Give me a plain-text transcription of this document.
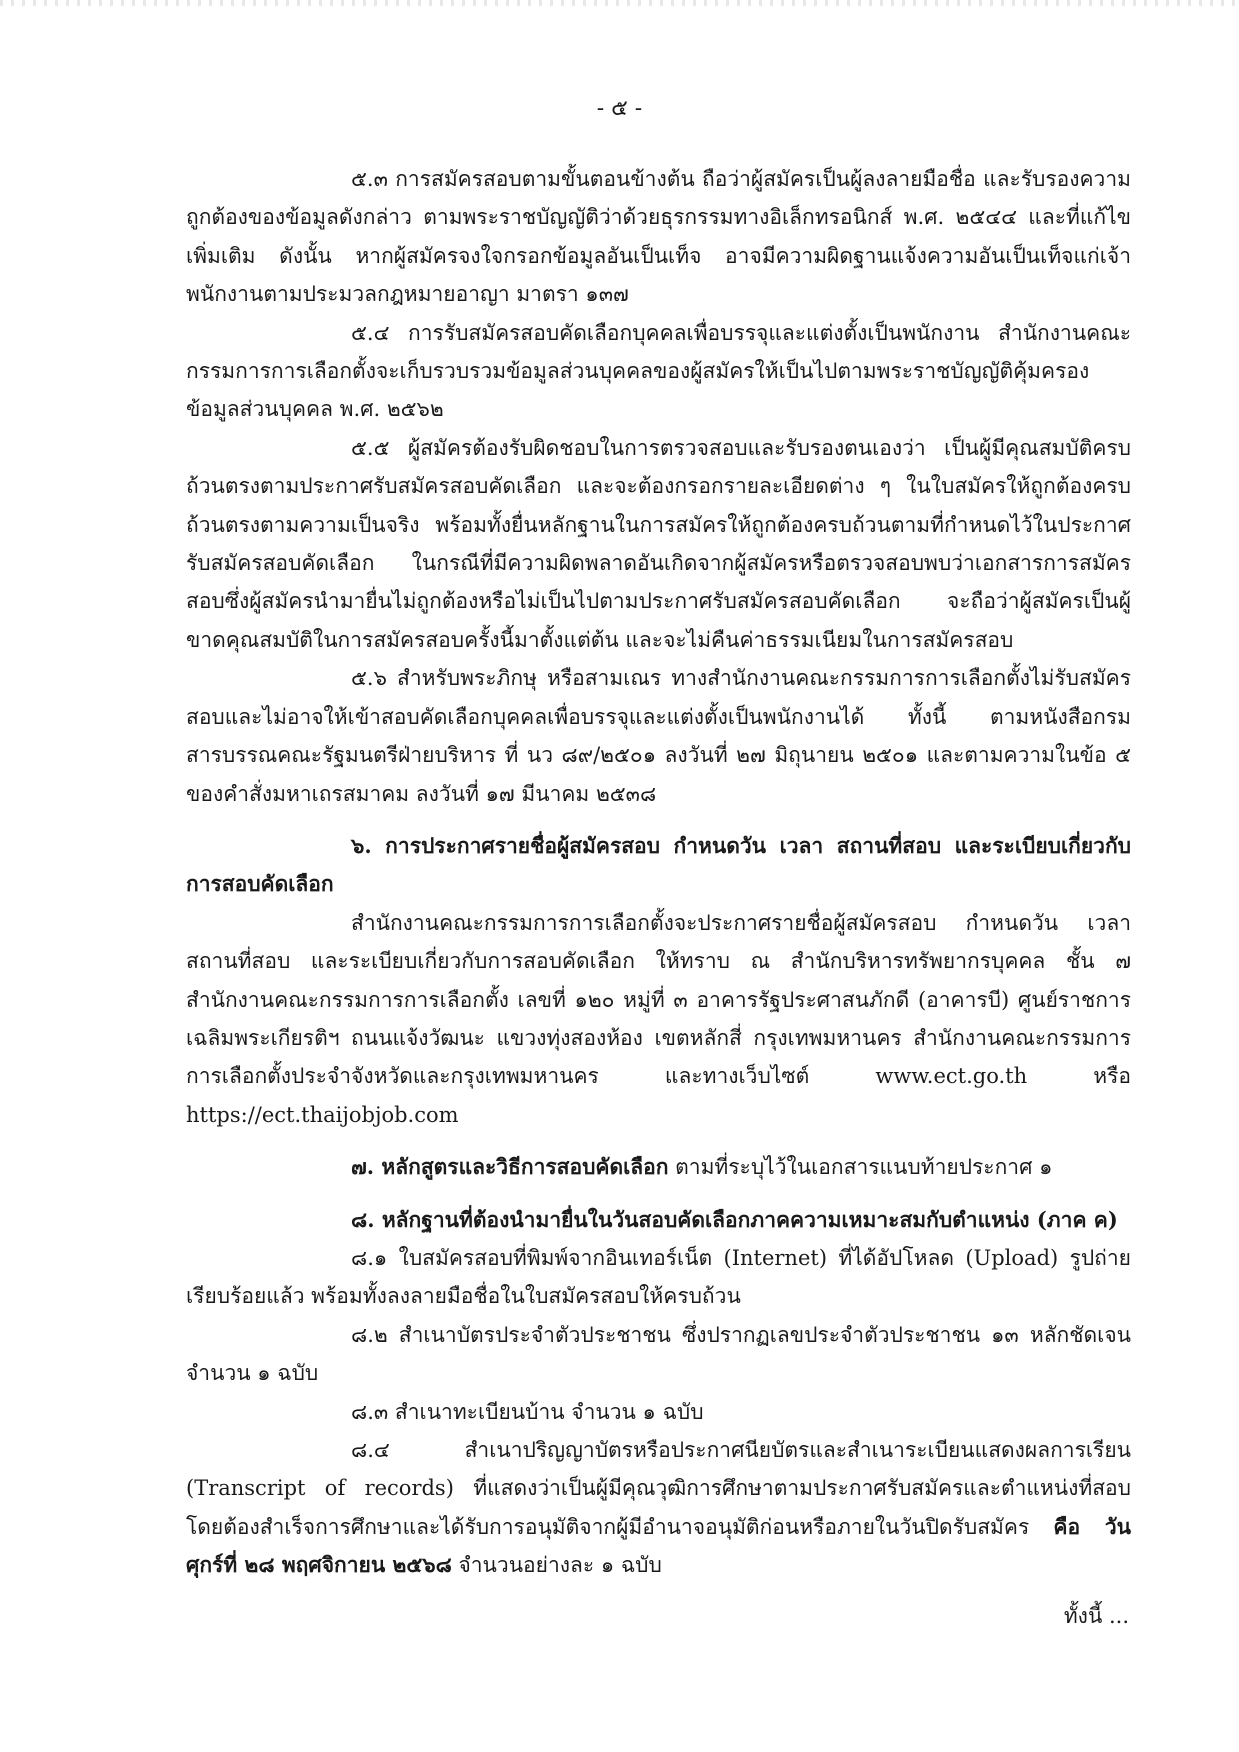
- ๕ -

๕.๓ การสมัครสอบตามขั้นตอนข้างต้น ถือว่าผู้สมัครเป็นผู้ลงลายมือชื่อ และรับรองความถูกต้องของข้อมูลดังกล่าว ตามพระราชบัญญัติว่าด้วยธุรกรรมทางอิเล็กทรอนิกส์ พ.ศ. ๒๕๔๔ และที่แก้ไขเพิ่มเติม ดังนั้น หากผู้สมัครจงใจกรอกข้อมูลอันเป็นเท็จ อาจมีความผิดฐานแจ้งความอันเป็นเท็จแก่เจ้าพนักงานตามประมวลกฎหมายอาญา มาตรา ๑๓๗

๕.๔ การรับสมัครสอบคัดเลือกบุคคลเพื่อบรรจุและแต่งตั้งเป็นพนักงาน สำนักงานคณะกรรมการการเลือกตั้งจะเก็บรวบรวมข้อมูลส่วนบุคคลของผู้สมัครให้เป็นไปตามพระราชบัญญัติคุ้มครองข้อมูลส่วนบุคคล พ.ศ. ๒๕๖๒

๕.๕ ผู้สมัครต้องรับผิดชอบในการตรวจสอบและรับรองตนเองว่า เป็นผู้มีคุณสมบัติครบถ้วนตรงตามประกาศรับสมัครสอบคัดเลือก และจะต้องกรอกรายละเอียดต่าง ๆ ในใบสมัครให้ถูกต้องครบถ้วนตรงตามความเป็นจริง พร้อมทั้งยื่นหลักฐานในการสมัครให้ถูกต้องครบถ้วนตามที่กำหนดไว้ในประกาศรับสมัครสอบคัดเลือก ในกรณีที่มีความผิดพลาดอันเกิดจากผู้สมัครหรือตรวจสอบพบว่าเอกสารการสมัครสอบซึ่งผู้สมัครนำมายื่นไม่ถูกต้องหรือไม่เป็นไปตามประกาศรับสมัครสอบคัดเลือก จะถือว่าผู้สมัครเป็นผู้ขาดคุณสมบัติในการสมัครสอบครั้งนี้มาตั้งแต่ต้น และจะไม่คืนค่าธรรมเนียมในการสมัครสอบ

๕.๖ สำหรับพระภิกษุ หรือสามเณร ทางสำนักงานคณะกรรมการการเลือกตั้งไม่รับสมัครสอบและไม่อาจให้เข้าสอบคัดเลือกบุคคลเพื่อบรรจุและแต่งตั้งเป็นพนักงานได้ ทั้งนี้ ตามหนังสือกรมสารบรรณคณะรัฐมนตรีฝ่ายบริหาร ที่ นว ๘๙/๒๕๐๑ ลงวันที่ ๒๗ มิถุนายน ๒๕๐๑ และตามความในข้อ ๕ ของคำสั่งมหาเถรสมาคม ลงวันที่ ๑๗ มีนาคม ๒๕๓๘

๖. การประกาศรายชื่อผู้สมัครสอบ กำหนดวัน เวลา สถานที่สอบ และระเบียบเกี่ยวกับการสอบคัดเลือก

สำนักงานคณะกรรมการการเลือกตั้งจะประกาศรายชื่อผู้สมัครสอบ กำหนดวัน เวลาสถานที่สอบ และระเบียบเกี่ยวกับการสอบคัดเลือก ให้ทราบ ณ สำนักบริหารทรัพยากรบุคคล ชั้น ๗ สำนักงานคณะกรรมการการเลือกตั้ง เลขที่ ๑๒๐ หมู่ที่ ๓ อาคารรัฐประศาสนภักดี (อาคารบี) ศูนย์ราชการเฉลิมพระเกียรติฯ ถนนแจ้งวัฒนะ แขวงทุ่งสองห้อง เขตหลักสี่ กรุงเทพมหานคร สำนักงานคณะกรรมการการเลือกตั้งประจำจังหวัดและกรุงเทพมหานคร และทางเว็บไซต์ www.ect.go.th หรือ https://ect.thaijobjob.com

๗. หลักสูตรและวิธีการสอบคัดเลือก ตามที่ระบุไว้ในเอกสารแนบท้ายประกาศ ๑

๘. หลักฐานที่ต้องนำมายื่นในวันสอบคัดเลือกภาคความเหมาะสมกับตำแหน่ง (ภาค ค)

๘.๑ ใบสมัครสอบที่พิมพ์จากอินเทอร์เน็ต (Internet) ที่ได้อัปโหลด (Upload) รูปถ่ายเรียบร้อยแล้ว พร้อมทั้งลงลายมือชื่อในใบสมัครสอบให้ครบถ้วน

๘.๒ สำเนาบัตรประจำตัวประชาชน ซึ่งปรากฏเลขประจำตัวประชาชน ๑๓ หลักชัดเจนจำนวน ๑ ฉบับ

๘.๓ สำเนาทะเบียนบ้าน จำนวน ๑ ฉบับ

๘.๔ สำเนาปริญญาบัตรหรือประกาศนียบัตรและสำเนาระเบียนแสดงผลการเรียน (Transcript of records) ที่แสดงว่าเป็นผู้มีคุณวุฒิการศึกษาตามประกาศรับสมัครและตำแหน่งที่สอบ โดยต้องสำเร็จการศึกษาและได้รับการอนุมัติจากผู้มีอำนาจอนุมัติก่อนหรือภายในวันปิดรับสมัคร คือ วันศุกร์ที่ ๒๘ พฤศจิกายน ๒๕๖๘ จำนวนอย่างละ ๑ ฉบับ

ทั้งนี้ ...
